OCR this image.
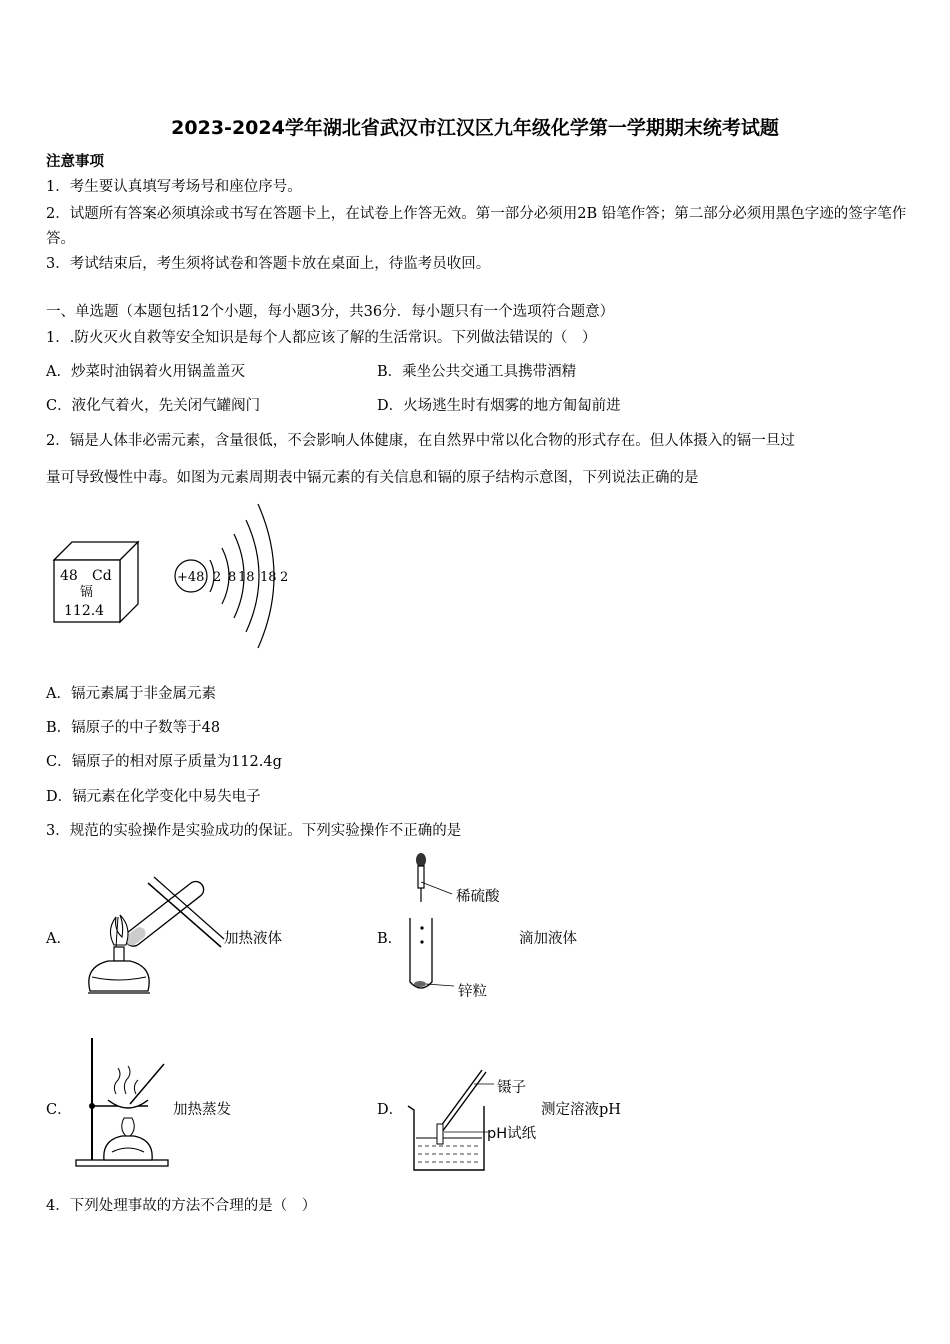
2023-2024学年湖北省武汉市江汉区九年级化学第一学期期末统考试题
注意事项
1．考生要认真填写考场号和座位序号。
2．试题所有答案必须填涂或书写在答题卡上，在试卷上作答无效。第一部分必须用2B 铅笔作答；第二部分必须用黑色字迹的签字笔作答。
3．考试结束后，考生须将试卷和答题卡放在桌面上，待监考员收回。
一、单选题（本题包括12个小题，每小题3分，共36分．每小题只有一个选项符合题意）
1．.防火灭火自救等安全知识是每个人都应该了解的生活常识。下列做法错误的（　）
A．炒菜时油锅着火用锅盖盖灭	B．乘坐公共交通工具携带酒精
C．液化气着火，先关闭气罐阀门	D．火场逃生时有烟雾的地方匍匐前进
2．镉是人体非必需元素，含量很低，不会影响人体健康，在自然界中常以化合物的形式存在。但人体摄入的镉一旦过
量可导致慢性中毒。如图为元素周期表中镉元素的有关信息和镉的原子结构示意图，下列说法正确的是
48 Cd
镉
112.4
+48 2 8 18 18 2
A．镉元素属于非金属元素
B．镉原子的中子数等于48
C．镉原子的相对原子质量为112.4g
D．镉元素在化学变化中易失电子
3．规范的实验操作是实验成功的保证。下列实验操作不正确的是
A．	加热液体	B．
稀硫酸
锌粒
滴加液体
C．	加热蒸发	D．
镊子
pH试纸
测定溶液pH
4．下列处理事故的方法不合理的是（　）
